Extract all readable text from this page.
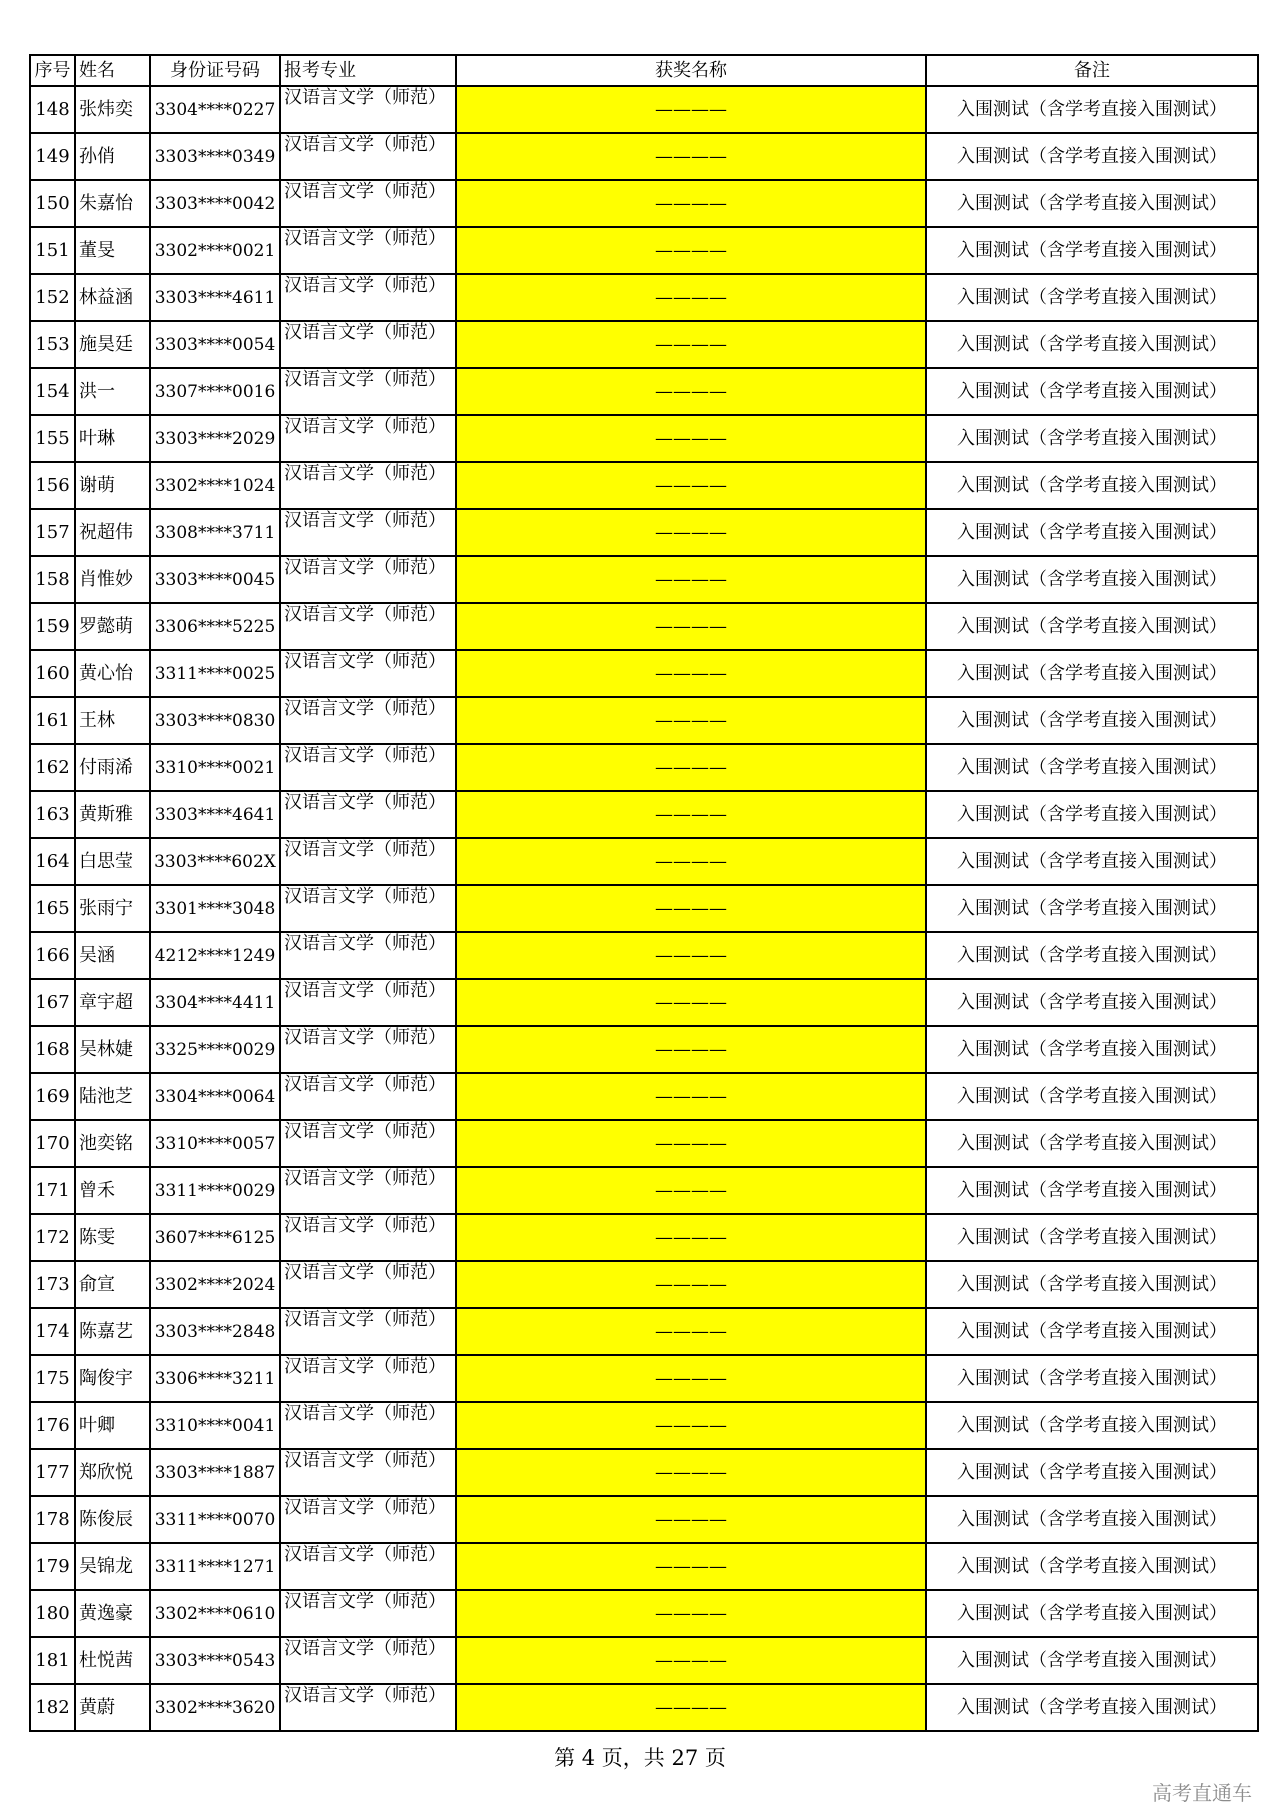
序号	姓名	身份证号码	报考专业	获奖名称	备注
148	张炜奕	3304****0227	汉语言文学（师范）	————	入围测试（含学考直接入围测试）
149	孙俏	3303****0349	汉语言文学（师范）	————	入围测试（含学考直接入围测试）
150	朱嘉怡	3303****0042	汉语言文学（师范）	————	入围测试（含学考直接入围测试）
151	董旻	3302****0021	汉语言文学（师范）	————	入围测试（含学考直接入围测试）
152	林益涵	3303****4611	汉语言文学（师范）	————	入围测试（含学考直接入围测试）
153	施昊廷	3303****0054	汉语言文学（师范）	————	入围测试（含学考直接入围测试）
154	洪一	3307****0016	汉语言文学（师范）	————	入围测试（含学考直接入围测试）
155	叶琳	3303****2029	汉语言文学（师范）	————	入围测试（含学考直接入围测试）
156	谢萌	3302****1024	汉语言文学（师范）	————	入围测试（含学考直接入围测试）
157	祝超伟	3308****3711	汉语言文学（师范）	————	入围测试（含学考直接入围测试）
158	肖惟妙	3303****0045	汉语言文学（师范）	————	入围测试（含学考直接入围测试）
159	罗懿萌	3306****5225	汉语言文学（师范）	————	入围测试（含学考直接入围测试）
160	黄心怡	3311****0025	汉语言文学（师范）	————	入围测试（含学考直接入围测试）
161	王林	3303****0830	汉语言文学（师范）	————	入围测试（含学考直接入围测试）
162	付雨浠	3310****0021	汉语言文学（师范）	————	入围测试（含学考直接入围测试）
163	黄斯雅	3303****4641	汉语言文学（师范）	————	入围测试（含学考直接入围测试）
164	白思莹	3303****602X	汉语言文学（师范）	————	入围测试（含学考直接入围测试）
165	张雨宁	3301****3048	汉语言文学（师范）	————	入围测试（含学考直接入围测试）
166	吴涵	4212****1249	汉语言文学（师范）	————	入围测试（含学考直接入围测试）
167	章宇超	3304****4411	汉语言文学（师范）	————	入围测试（含学考直接入围测试）
168	吴林婕	3325****0029	汉语言文学（师范）	————	入围测试（含学考直接入围测试）
169	陆池芝	3304****0064	汉语言文学（师范）	————	入围测试（含学考直接入围测试）
170	池奕铭	3310****0057	汉语言文学（师范）	————	入围测试（含学考直接入围测试）
171	曾禾	3311****0029	汉语言文学（师范）	————	入围测试（含学考直接入围测试）
172	陈雯	3607****6125	汉语言文学（师范）	————	入围测试（含学考直接入围测试）
173	俞宣	3302****2024	汉语言文学（师范）	————	入围测试（含学考直接入围测试）
174	陈嘉艺	3303****2848	汉语言文学（师范）	————	入围测试（含学考直接入围测试）
175	陶俊宇	3306****3211	汉语言文学（师范）	————	入围测试（含学考直接入围测试）
176	叶卿	3310****0041	汉语言文学（师范）	————	入围测试（含学考直接入围测试）
177	郑欣悦	3303****1887	汉语言文学（师范）	————	入围测试（含学考直接入围测试）
178	陈俊辰	3311****0070	汉语言文学（师范）	————	入围测试（含学考直接入围测试）
179	吴锦龙	3311****1271	汉语言文学（师范）	————	入围测试（含学考直接入围测试）
180	黄逸豪	3302****0610	汉语言文学（师范）	————	入围测试（含学考直接入围测试）
181	杜悦茜	3303****0543	汉语言文学（师范）	————	入围测试（含学考直接入围测试）
182	黄蔚	3302****3620	汉语言文学（师范）	————	入围测试（含学考直接入围测试）
第 4 页，共 27 页
高考直通车
